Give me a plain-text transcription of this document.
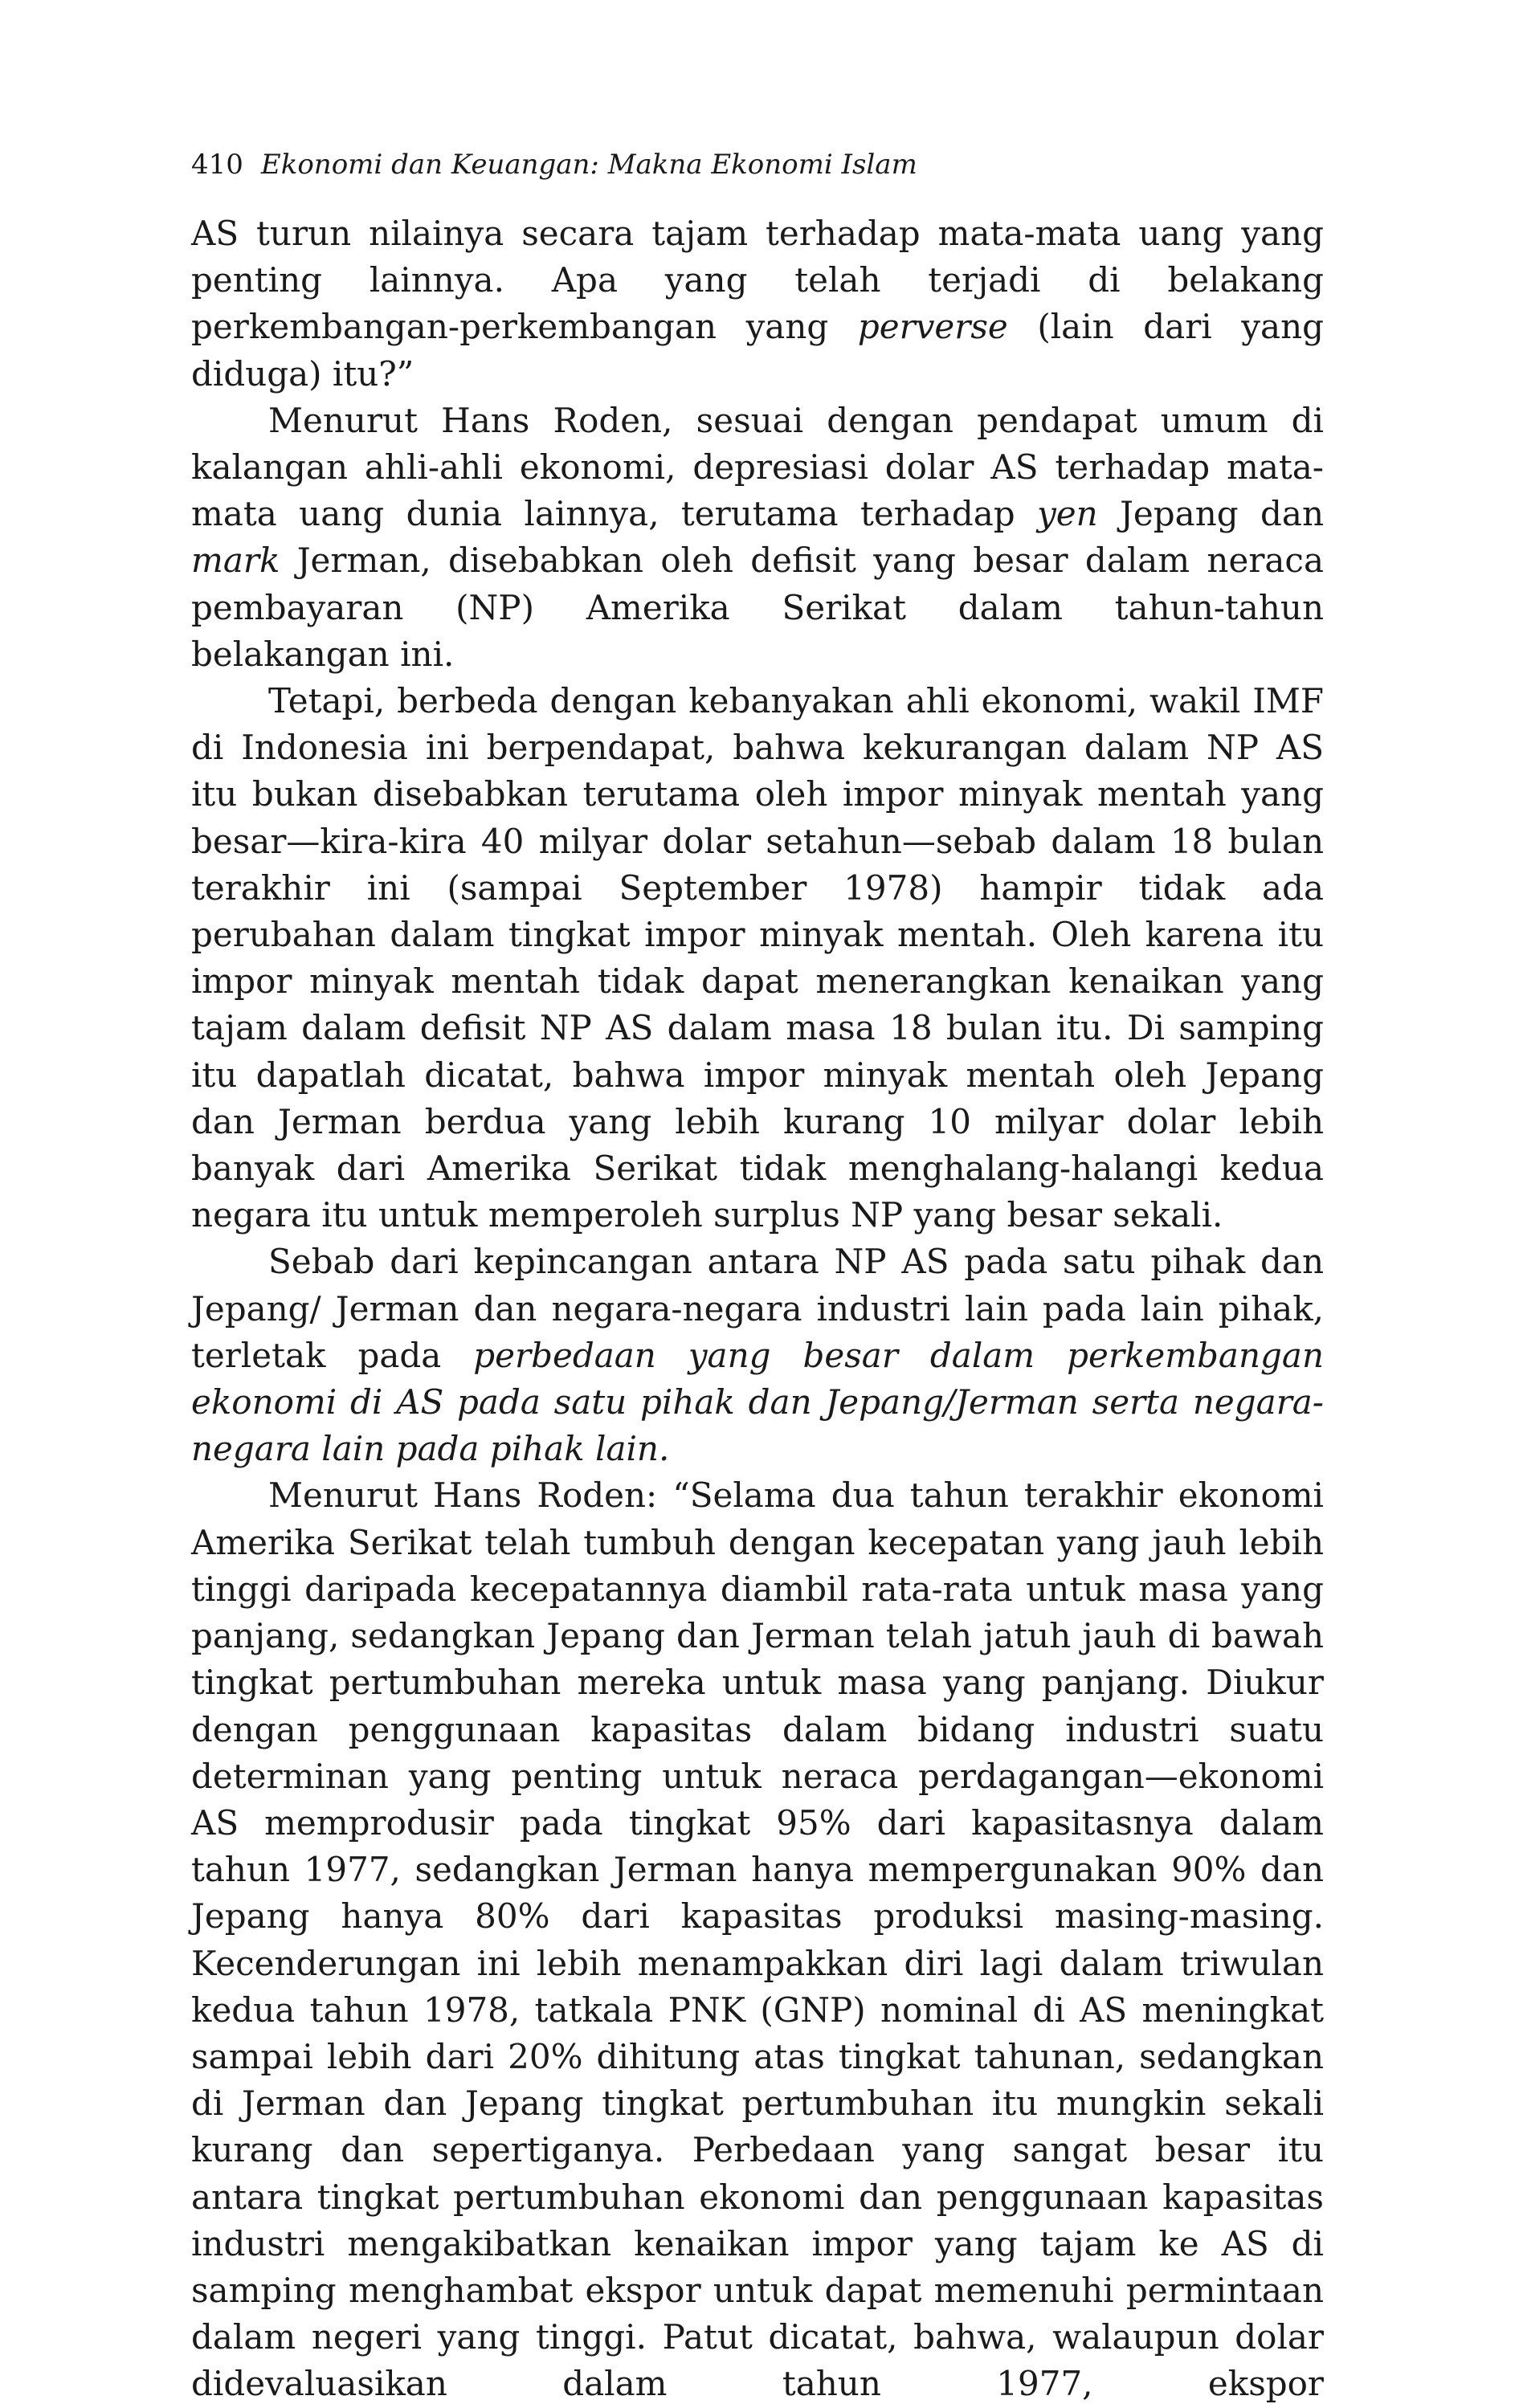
410 Ekonomi dan Keuangan: Makna Ekonomi Islam

AS turun nilainya secara tajam terhadap mata-mata uang yang penting lainnya. Apa yang telah terjadi di belakang perkembangan-perkembangan yang perverse (lain dari yang diduga) itu?”

Menurut Hans Roden, sesuai dengan pendapat umum di kalangan ahli-ahli ekonomi, depresiasi dolar AS terhadap mata-mata uang dunia lainnya, terutama terhadap yen Jepang dan mark Jerman, disebabkan oleh defisit yang besar dalam neraca pembayaran (NP) Amerika Serikat dalam tahun-tahun belakangan ini.

Tetapi, berbeda dengan kebanyakan ahli ekonomi, wakil IMF di Indonesia ini berpendapat, bahwa kekurangan dalam NP AS itu bukan disebabkan terutama oleh impor minyak mentah yang besar—kira-kira 40 milyar dolar setahun—sebab dalam 18 bulan terakhir ini (sampai September 1978) hampir tidak ada perubahan dalam tingkat impor minyak mentah. Oleh karena itu impor minyak mentah tidak dapat menerangkan kenaikan yang tajam dalam defisit NP AS dalam masa 18 bulan itu. Di samping itu dapatlah dicatat, bahwa impor minyak mentah oleh Jepang dan Jerman berdua yang lebih kurang 10 milyar dolar lebih banyak dari Amerika Serikat tidak menghalang-halangi kedua negara itu untuk memperoleh surplus NP yang besar sekali.

Sebab dari kepincangan antara NP AS pada satu pihak dan Jepang/ Jerman dan negara-negara industri lain pada lain pihak, terletak pada perbedaan yang besar dalam perkembangan ekonomi di AS pada satu pihak dan Jepang/Jerman serta negara-negara lain pada pihak lain.

Menurut Hans Roden: “Selama dua tahun terakhir ekonomi Amerika Serikat telah tumbuh dengan kecepatan yang jauh lebih tinggi daripada kecepatannya diambil rata-rata untuk masa yang panjang, sedangkan Jepang dan Jerman telah jatuh jauh di bawah tingkat pertumbuhan mereka untuk masa yang panjang. Diukur dengan penggunaan kapasitas dalam bidang industri suatu determinan yang penting untuk neraca perdagangan—ekonomi AS memprodusir pada tingkat 95% dari kapasitasnya dalam tahun 1977, sedangkan Jerman hanya mempergunakan 90% dan Jepang hanya 80% dari kapasitas produksi masing-masing. Kecenderungan ini lebih menampakkan diri lagi dalam triwulan kedua tahun 1978, tatkala PNK (GNP) nominal di AS meningkat sampai lebih dari 20% dihitung atas tingkat tahunan, sedangkan di Jerman dan Jepang tingkat pertumbuhan itu mungkin sekali kurang dan sepertiganya. Perbedaan yang sangat besar itu antara tingkat pertumbuhan ekonomi dan penggunaan kapasitas industri mengakibatkan kenaikan impor yang tajam ke AS di samping menghambat ekspor untuk dapat memenuhi permintaan dalam negeri yang tinggi. Patut dicatat, bahwa, walaupun dolar didevaluasikan dalam tahun 1977, ekspor
